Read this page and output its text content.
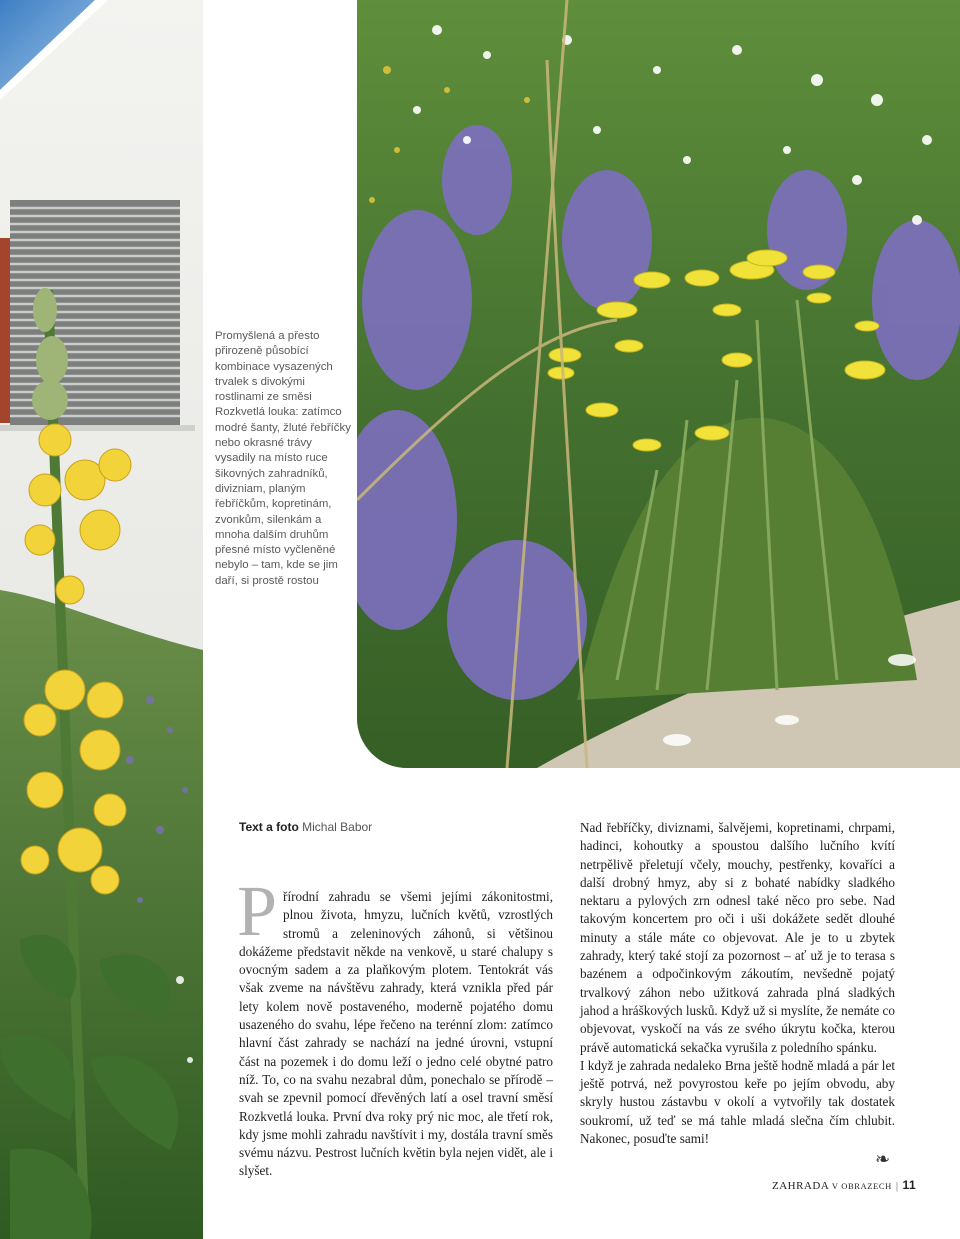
Promyšlená a přesto přirozeně působící kombinace vysazených trvalek s divokými rostlinami ze směsi Rozkvetlá louka: zatímco modré šanty, žluté řebříčky nebo okrasné trávy vysadily na místo ruce šikovných zahradníků, divizniam, planým řebříčkům, kopretinám, zvonkům, silenkám a mnoha dalším druhům přesné místo vyčleněné nebylo – tam, kde se jim daří, si prostě rostou
Text a foto Michal Babor
P řírodní zahradu se všemi jejími zákonitostmi, plnou života, hmyzu, lučních květů, vzrostlých stromů a zeleninových záhonů, si většinou dokážeme představit někde na venkově, u staré chalupy s ovocným sadem a za plaňkovým plotem. Tentokrát vás však zveme na návštěvu zahrady, která vznikla před pár lety kolem nově postaveného, moderně pojatého domu usazeného do svahu, lépe řečeno na terénní zlom: zatímco hlavní část zahrady se nachází na jedné úrovni, vstupní část na pozemek i do domu leží o jedno celé obytné patro níž. To, co na svahu nezabral dům, ponechalo se přírodě – svah se zpevnil pomocí dřevěných latí a osel travní směsí Rozkvetlá louka. První dva roky prý nic moc, ale třetí rok, kdy jsme mohli zahradu navštívit i my, dostála travní směs svému názvu. Pestrost lučních květin byla nejen vidět, ale i slyšet.

Nad řebříčky, diviznami, šalvějemi, kopretinami, chrpami, hadinci, kohoutky a spoustou dalšího lučního kvítí netrpělivě přeletují včely, mouchy, pestřenky, kovaříci a další drobný hmyz, aby si z bohaté nabídky sladkého nektaru a pylových zrn odnesl také něco pro sebe. Nad takovým koncertem pro oči i uši dokážete sedět dlouhé minuty a stále máte co objevovat. Ale je to u zbytek zahrady, který také stojí za pozornost – ať už je to terasa s bazénem a odpočinkovým zákoutím, nevšedně pojatý trvalkový záhon nebo užitková zahrada plná sladkých jahod a hráškových lusků. Když už si myslíte, že nemáte co objevovat, vyskočí na vás ze svého úkrytu kočka, kterou právě automatická sekačka vyrušila z poledního spánku.

I když je zahrada nedaleko Brna ještě hodně mladá a pár let ještě potrvá, než povyrostou keře po jejím obvodu, aby skryly hustou zástavbu v okolí a vytvořily tak dostatek soukromí, už teď se má tahle mladá slečna čím chlubit. Nakonec, posuďte sami!

❧
ZAHRADA V OBRAZECH | 11
